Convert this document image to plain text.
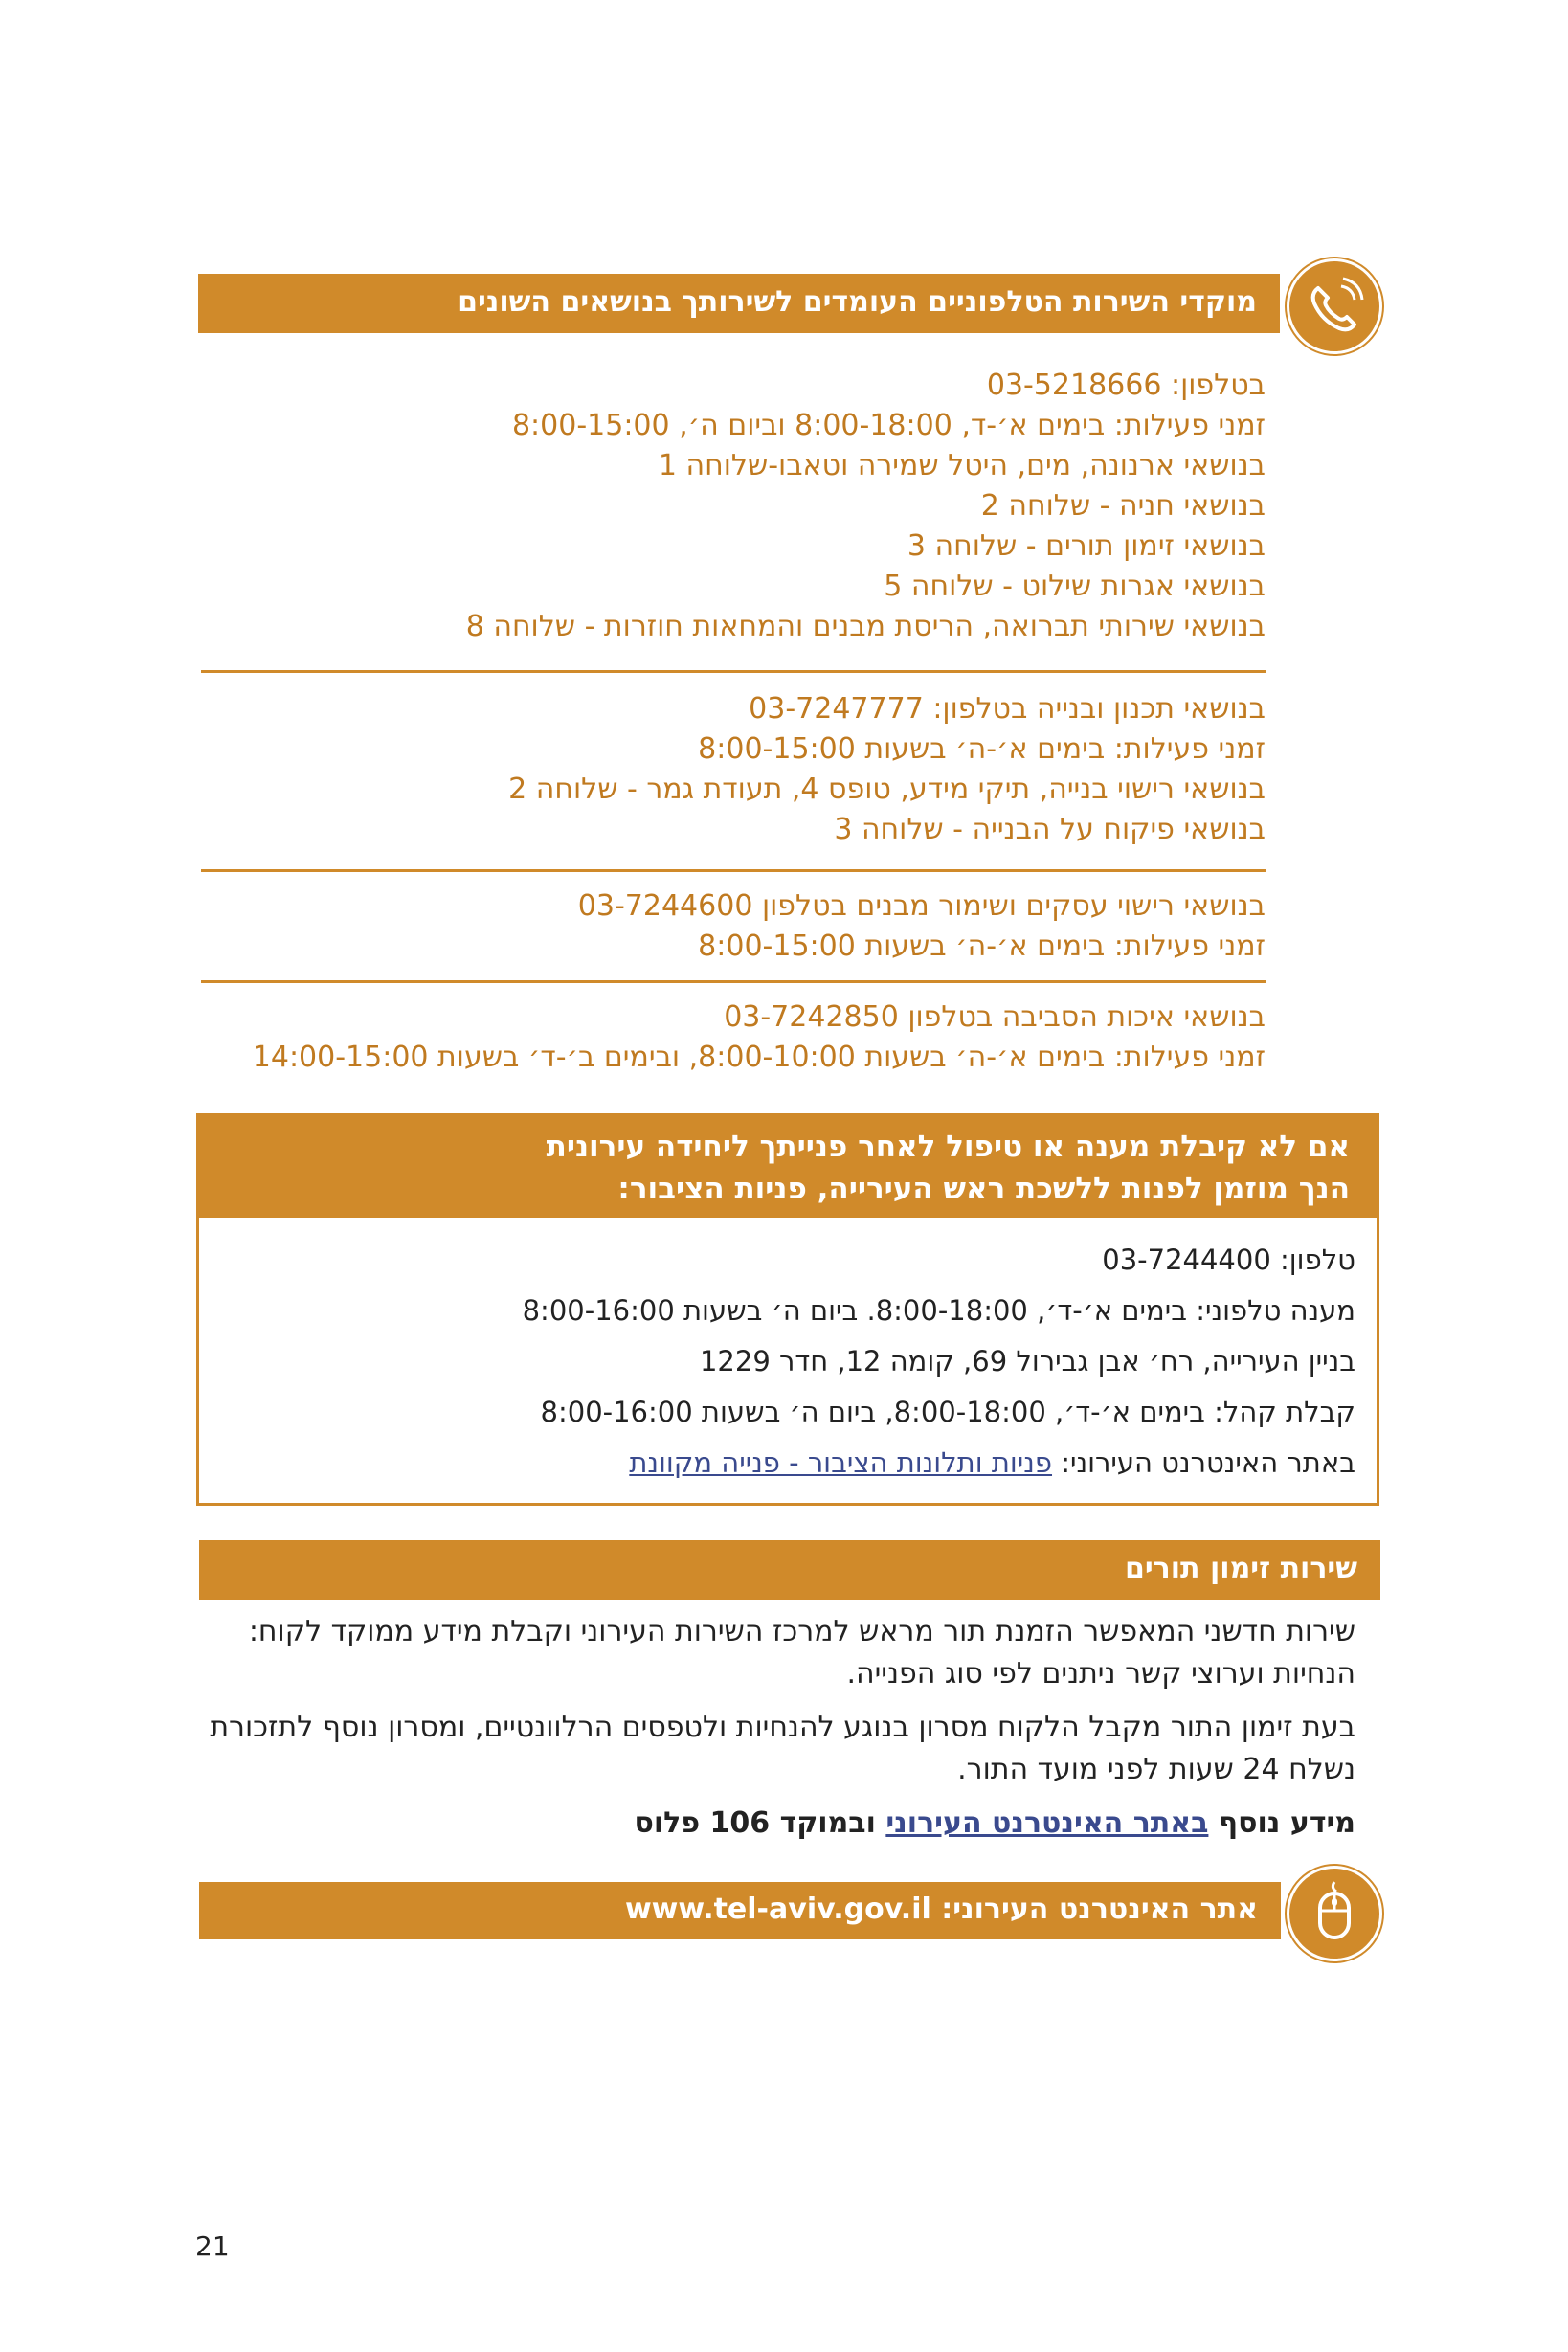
מוקדי השירות הטלפוניים העומדים לשירותך בנושאים השונים

בטלפון: 03-5218666

זמני פעילות: בימים א׳-ד, 8:00-18:00 וביום ה׳, 8:00-15:00

בנושאי ארנונה, מים, היטל שמירה וטאבו-שלוחה 1

בנושאי חניה - שלוחה 2

בנושאי זימון תורים - שלוחה 3

בנושאי אגרות שילוט - שלוחה 5

בנושאי שירותי תברואה, הריסת מבנים והמחאות חוזרות - שלוחה 8

בנושאי תכנון ובנייה בטלפון: 03-7247777

זמני פעילות: בימים א׳-ה׳ בשעות 8:00-15:00

בנושאי רישוי בנייה, תיקי מידע, טופס 4, תעודת גמר - שלוחה 2

בנושאי פיקוח על הבנייה - שלוחה 3

בנושאי רישוי עסקים ושימור מבנים בטלפון 03-7244600

זמני פעילות: בימים א׳-ה׳ בשעות 8:00-15:00

בנושאי איכות הסביבה בטלפון 03-7242850

זמני פעילות: בימים א׳-ה׳ בשעות 8:00-10:00, ובימים ב׳-ד׳ בשעות 14:00-15:00

אם לא קיבלת מענה או טיפול לאחר פנייתך ליחידה עירונית
הנך מוזמן לפנות ללשכת ראש העירייה, פניות הציבור:

טלפון: 03-7244400

מענה טלפוני: בימים א׳-ד׳, 8:00-18:00. ביום ה׳ בשעות 8:00-16:00

בניין העירייה, רח׳ אבן גבירול 69, קומה 12, חדר 1229

קבלת קהל: בימים א׳-ד׳, 8:00-18:00, ביום ה׳ בשעות 8:00-16:00

באתר האינטרנט העירוני: פניות ותלונות הציבור - פנייה מקוונת

שירות זימון תורים

שירות חדשני המאפשר הזמנת תור מראש למרכז השירות העירוני וקבלת מידע ממוקד לקוח: הנחיות וערוצי קשר ניתנים לפי סוג הפנייה.

בעת זימון התור מקבל הלקוח מסרון בנוגע להנחיות ולטפסים הרלוונטיים, ומסרון נוסף לתזכורת נשלח 24 שעות לפני מועד התור.

מידע נוסף באתר האינטרנט העירוני ובמוקד 106 פלוס

אתר האינטרנט העירוני: www.tel-aviv.gov.il
21
